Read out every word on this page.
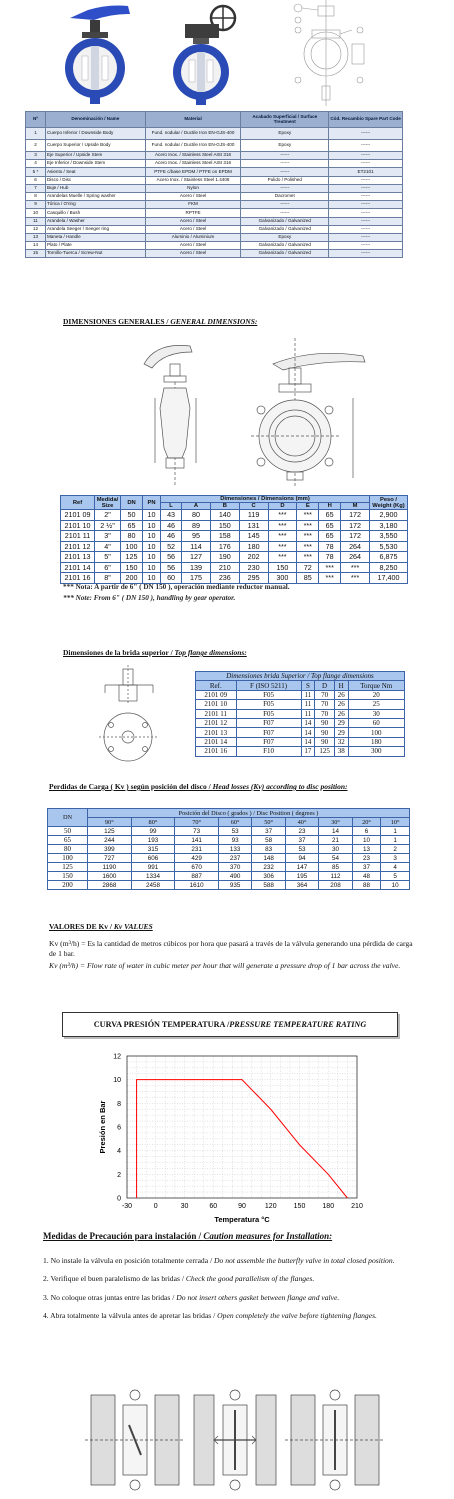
Nº	Denominación / Name	Material	Acabado Superficial / Surface Treatment	Cód. Recambio Spare Part Code
1	Cuerpo Inferior / Downside Body	Fund. nodular / Ductile Iron EN-GJS-400	Epoxy	------
2	Cuerpo Superior / Upside Body	Fund. nodular / Ductile Iron EN-GJS-400	Epoxy	------
3	Eje Superior / Upside Stem	Acero Inox. / Stainless Steel AISI 316	------	------
4	Eje Inferior / Downside Stem	Acero Inox. / Stainless Steel AISI 316	------	------
5 *	Asiento / Seat	PTFE c/base EPDM / PTFE on EPDM	------	ET2101
6	Disco / Disc	Acero Inox. / Stainless Steel 1.4408	Pulido / Polished	------
7	Buje / Hub	Nylon	------	------
8	Arandelas Muelle / Spring washer	Acero / Steel	Dacromet	------
9	Tórica / O'ring	FKM	------	------
10	Casquillo / Bush	RPTFE	------	------
11	Arandela / Washer	Acero / Steel	Galvanizado / Galvanized	------
12	Arandela Seeger / Seeger ring	Acero / Steel	Galvanizado / Galvanized	------
13	Maneta / Handle	Aluminio / Aluminium	Epoxy	------
14	Plato / Plate	Acero / Steel	Galvanizado / Galvanized	------
15	Tornillo-Tuerca / Screw-Nut	Acero / Steel	Galvanizado / Galvanized	------
DIMENSIONES GENERALES / GENERAL DIMENSIONS:
Ref	Medida/ Size	DN	PN	Dimensiones / Dimensions (mm)								Peso / Weight (Kg)
				L	A	B	C	D	E	H	M	
2101 09	2"	50	10	43	80	140	119	***	***	65	172	2,900
2101 10	2 ½"	65	10	46	89	150	131	***	***	65	172	3,180
2101 11	3"	80	10	46	95	158	145	***	***	65	172	3,550
2101 12	4"	100	10	52	114	176	180	***	***	78	264	5,530
2101 13	5"	125	10	56	127	190	202	***	***	78	264	6,875
2101 14	6"	150	10	56	139	210	230	150	72	***	***	8,250
2101 16	8"	200	10	60	175	236	295	300	85	***	***	17,400
*** Nota: A partir de 6" ( DN 150 ), operación mediante reductor manual.
*** Note: From 6" ( DN 150 ), handling by gear operator.
Dimensiones de la brida superior / Top flange dimensions:
Dimensiones brida Superior / Top flange dimensions					
Ref.	F (ISO 5211)	S	D	H	Torque Nm
2101 09	F05	11	70	26	20
2101 10	F05	11	70	26	25
2101 11	F05	11	70	26	30
2101 12	F07	14	90	29	60
2101 13	F07	14	90	29	100
2101 14	F07	14	90	32	180
2101 16	F10	17	125	38	300
Perdidas de Carga ( Kv ) según posición del disco / Head losses (Kv) according to disc position:
DN	Posición del Disco ( grados ) / Disc Position ( degrees )								
	90°	80°	70°	60°	50°	40°	30°	20°	10°
50	125	99	73	53	37	23	14	6	1
65	244	193	141	93	58	37	21	10	1
80	399	315	231	133	83	53	30	13	2
100	727	606	429	237	148	94	54	23	3
125	1190	991	670	370	232	147	85	37	4
150	1600	1334	887	490	306	195	112	48	5
200	2868	2458	1610	935	588	364	208	88	10
VALORES DE Kv / Kv VALUES
Kv (m³/h) = Es la cantidad de metros cúbicos por hora que pasará a través de la válvula generando una pérdida de carga de 1 bar.
Kv (m³/h) = Flow rate of water in cubic meter per hour that will generate a pressure drop of 1 bar across the valve.
CURVA PRESIÓN TEMPERATURA / PRESSURE TEMPERATURE RATING
-30	0	30	60	90	120 150 180 210
0
2
4
6
8
10
12
Temperatura °C
Presión en Bar
Medidas de Precaución para instalación / Caution measures for Installation:
1. No instale la válvula en posición totalmente cerrada / Do not assemble the butterfly valve in total closed position.
2. Verifique el buen paralelismo de las bridas / Check the good parallelism of the flanges.
3. No coloque otras juntas entre las bridas / Do not insert others gasket between flange and valve.
4. Abra totalmente la válvula antes de apretar las bridas / Open completely the valve before tightening flanges.
